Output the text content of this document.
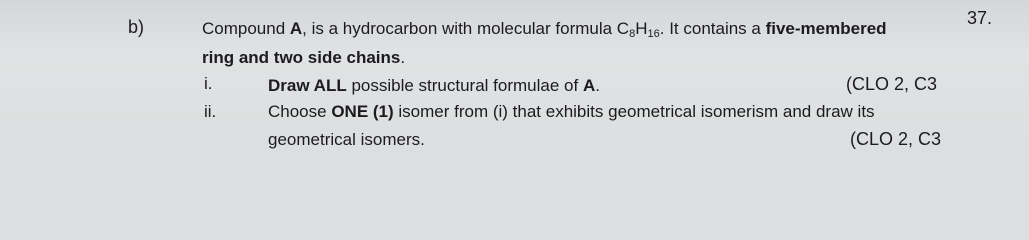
37.
b)	Compound A, is a hydrocarbon with molecular formula $C_8H_{16}$. It contains a five-membered
ring and two side chains.
i.	Draw ALL possible structural formulae of A.	(CLO 2, C3
ii.	Choose ONE (1) isomer from (i) that exhibits geometrical isomerism and draw its
geometrical isomers.	(CLO 2, C3
